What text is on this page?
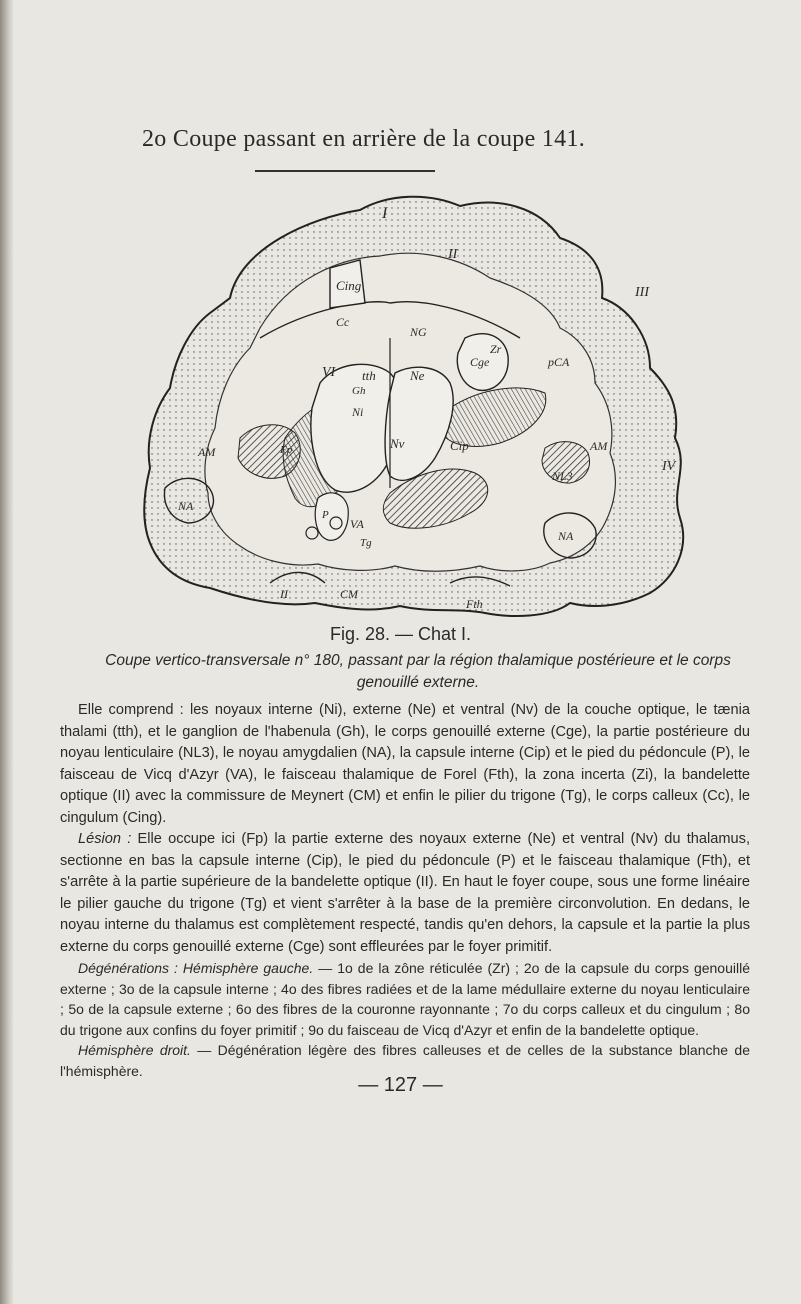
2o Coupe passant en arrière de la coupe 141.
I
II
III
IV
Cing
Cc
NG
Zr
pCA
VI tth
Gh
Ne
Ni
Cge
Nv	Cip	AM
NL3
NA
NA
P
VA
Tg
II	CM
Fth
AM	Fp
Fig. 28. — Chat I.
Coupe vertico-transversale n° 180, passant par la région thalamique postérieure et le corps genouillé externe.

Elle comprend : les noyaux interne (Ni), externe (Ne) et ventral (Nv) de la couche optique, le tænia thalami (tth), et le ganglion de l'habenula (Gh), le corps genouillé externe (Cge), la partie postérieure du noyau lenticulaire (NL3), le noyau amygdalien (NA), la capsule interne (Cip) et le pied du pédoncule (P), le faisceau de Vicq d'Azyr (VA), le faisceau thalamique de Forel (Fth), la zona incerta (Zi), la bandelette optique (II) avec la commissure de Meynert (CM) et enfin le pilier du trigone (Tg), le corps calleux (Cc), le cingulum (Cing).

Lésion : Elle occupe ici (Fp) la partie externe des noyaux externe (Ne) et ventral (Nv) du thalamus, sectionne en bas la capsule interne (Cip), le pied du pédoncule (P) et le faisceau thalamique (Fth), et s'arrête à la partie supérieure de la bandelette optique (II). En haut le foyer coupe, sous une forme linéaire le pilier gauche du trigone (Tg) et vient s'arrêter à la base de la première circonvolution. En dedans, le noyau interne du thalamus est complètement respecté, tandis qu'en dehors, la capsule et la partie la plus externe du corps genouillé externe (Cge) sont effleurées par le foyer primitif.

Dégénérations : Hémisphère gauche. — 1o de la zône réticulée (Zr) ; 2o de la capsule du corps genouillé externe ; 3o de la capsule interne ; 4o des fibres radiées et de la lame médullaire externe du noyau lenticulaire ; 5o de la capsule externe ; 6o des fibres de la couronne rayonnante ; 7o du corps calleux et du cingulum ; 8o du trigone aux confins du foyer primitif ; 9o du faisceau de Vicq d'Azyr et enfin de la bandelette optique.

Hémisphère droit. — Dégénération légère des fibres calleuses et de celles de la substance blanche de l'hémisphère.

— 127 —
